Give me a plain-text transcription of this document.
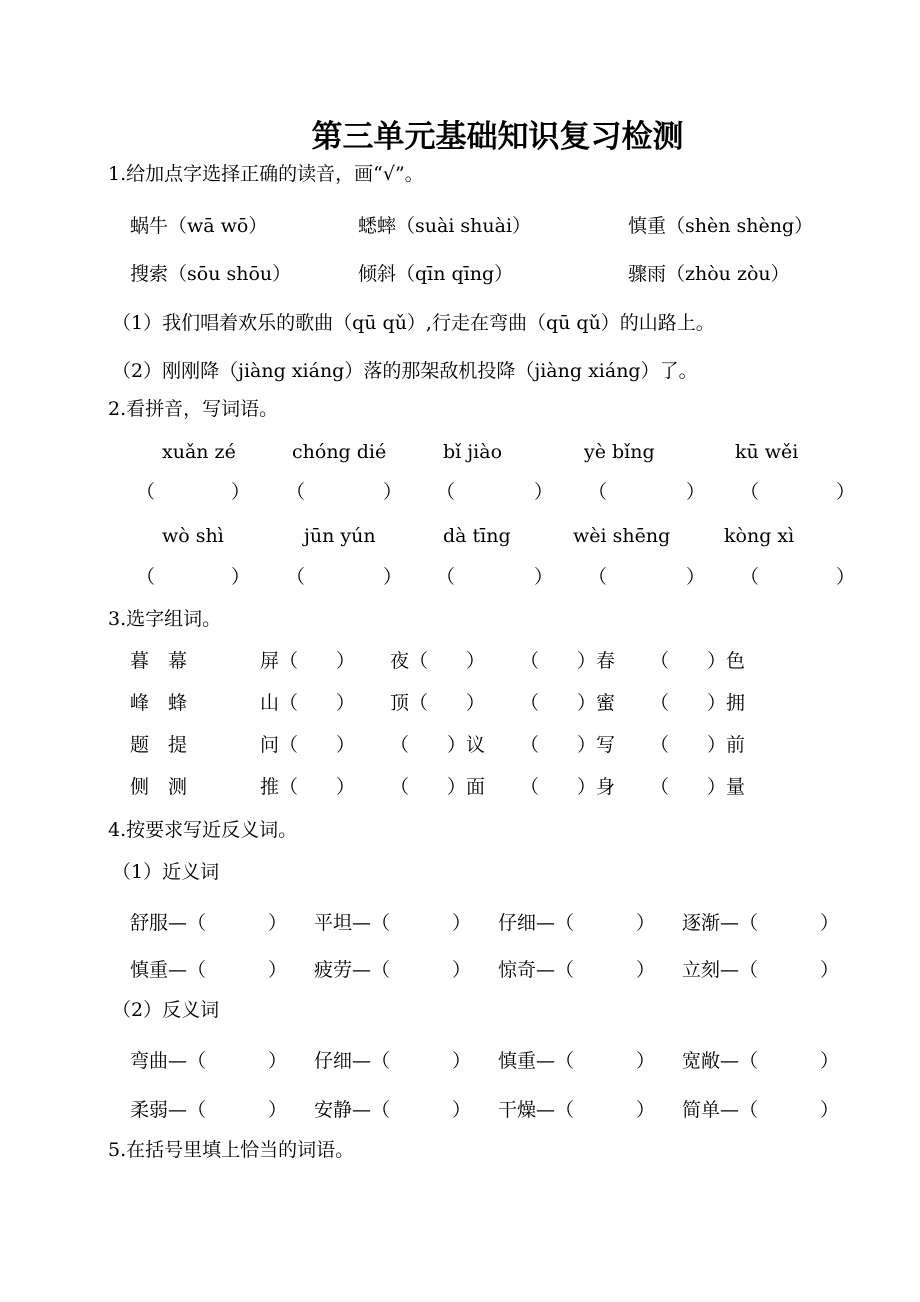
第三单元基础知识复习检测
1.给加点字选择正确的读音，画“√”。
蜗牛（wā wō）	蟋蟀（suài shuài）	慎重（shèn shèng）
搜索（sōu shōu）	倾斜（qīn qīng）	骤雨（zhòu zòu）
（1）我们唱着欢乐的歌曲（qū qǔ）,行走在弯曲（qū qǔ）的山路上。
（2）刚刚降（jiàng xiáng）落的那架敌机投降（jiàng xiáng）了。
2.看拼音，写词语。
xuǎn zé	chóng dié	bǐ jiào	yè bǐng	kū wěi
（	） （	） （	） （	） （	）
wò shì	jūn yún	dà tīng	wèi shēng	kòng xì
（	） （	） （	） （	） （	）
3.选字组词。
暮　幕	屏（　　） 夜（　　） （　　）春 （　　）色
峰　蜂	山（　　） 顶（　　） （　　）蜜 （　　）拥
题　提	问（　　） （　　）议 （　　）写 （　　）前
侧　测	推（　　） （　　）面 （　　）身 （　　）量
4.按要求写近反义词。
（1）近义词
舒服—（	） 平坦—（	） 仔细—（	） 逐渐—（	）
慎重—（	） 疲劳—（	） 惊奇—（	） 立刻—（	）
（2）反义词
弯曲—（	） 仔细—（	） 慎重—（	） 宽敞—（	）
柔弱—（	） 安静—（	） 干燥—（	） 简单—（	）
5.在括号里填上恰当的词语。
